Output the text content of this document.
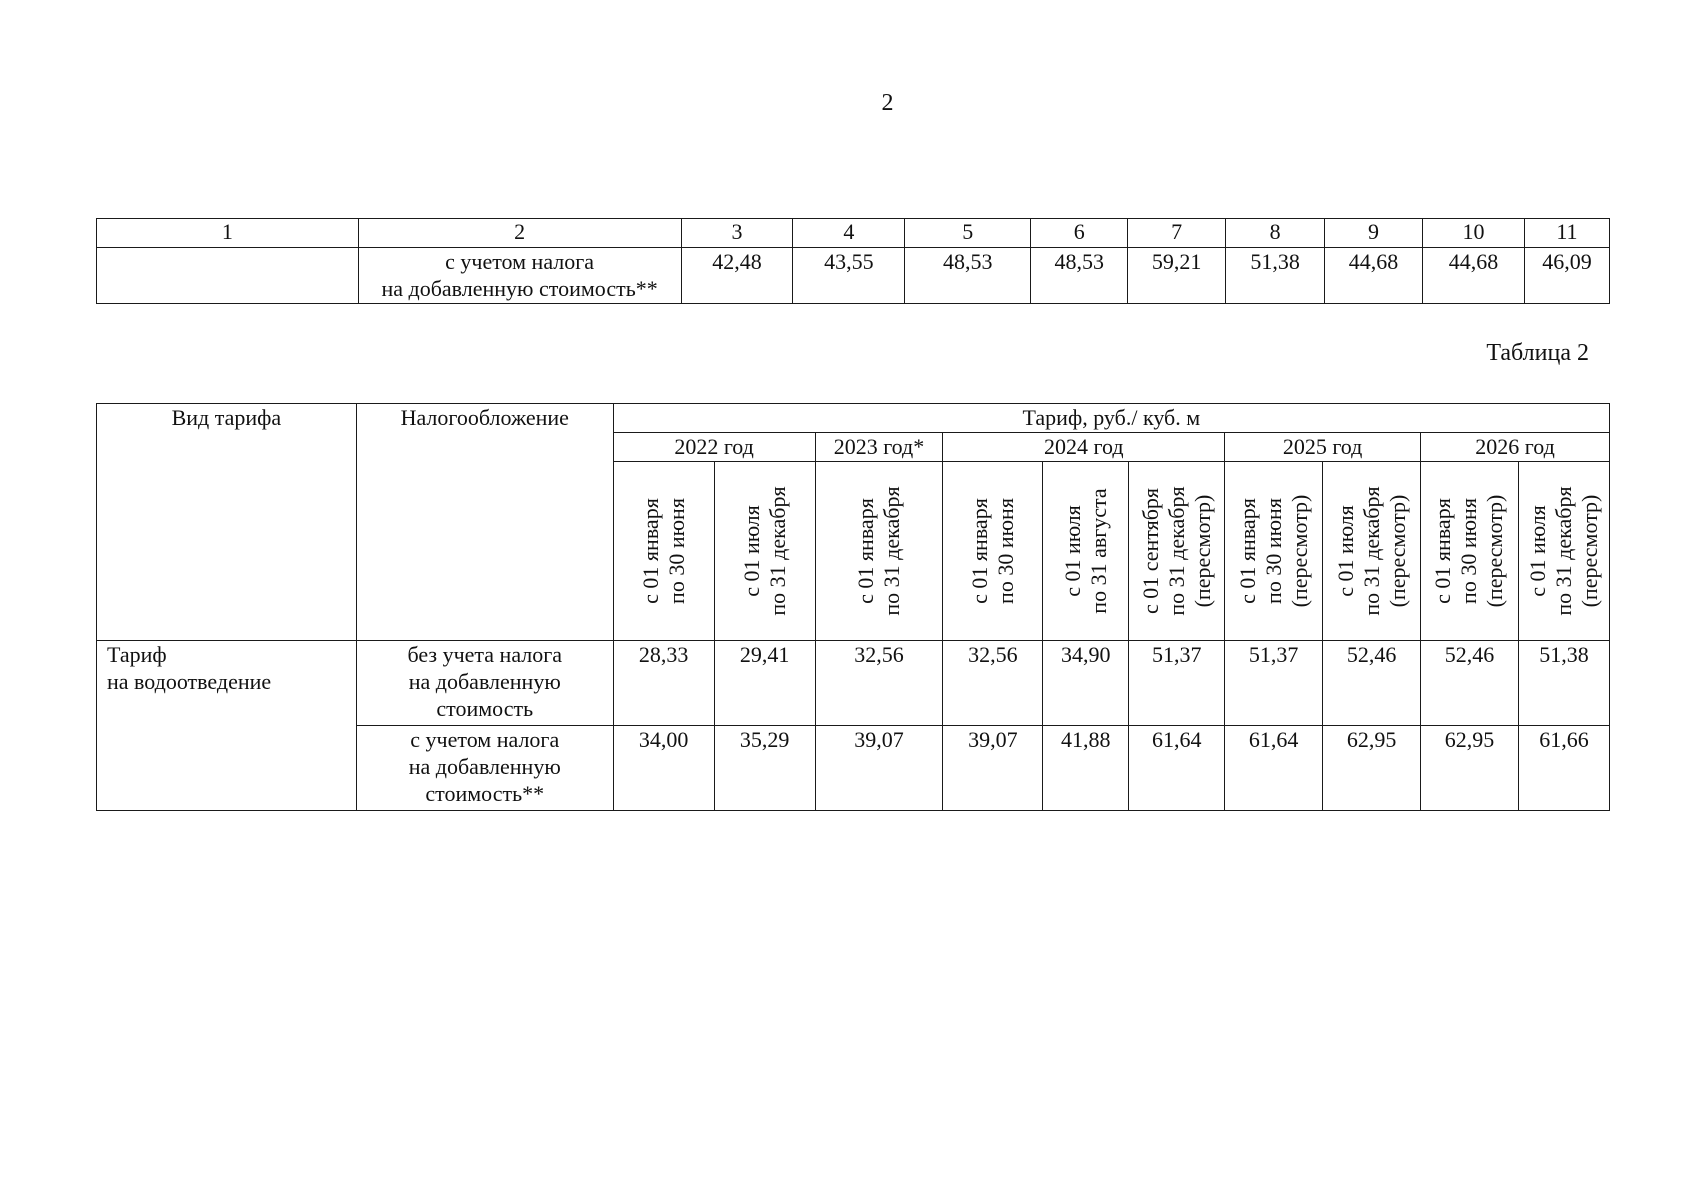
2
1	2	3	4	5	6	7	8	9	10	11
	с учетом налога
на добавленную стоимость**	42,48	43,55	48,53	48,53	59,21	51,38	44,68	44,68	46,09
Таблица 2
Вид тарифа	Налогообложение	Тариф, руб./ куб. м									
		2022 год		2023 год*	2024 год			2025 год		2026 год	

		с 01 января
по 30 июня	с 01 июля
по 31 декабря	с 01 января
по 31 декабря	с 01 января
по 30 июня	с 01 июля
по 31 августа	с 01 сентября
по 31 декабря
(пересмотр)	с 01 января
по 30 июня
(пересмотр)	с 01 июля
по 31 декабря
(пересмотр)	с 01 января
по 30 июня
(пересмотр)	с 01 июля
по 31 декабря
(пересмотр)

Тариф
на водоотведение	без учета налога
на добавленную
стоимость	28,33	29,41	32,56	32,56	34,90	51,37	51,37	52,46	52,46	51,38
	с учетом налога
на добавленную
стоимость**	34,00	35,29	39,07	39,07	41,88	61,64	61,64	62,95	62,95	61,66
